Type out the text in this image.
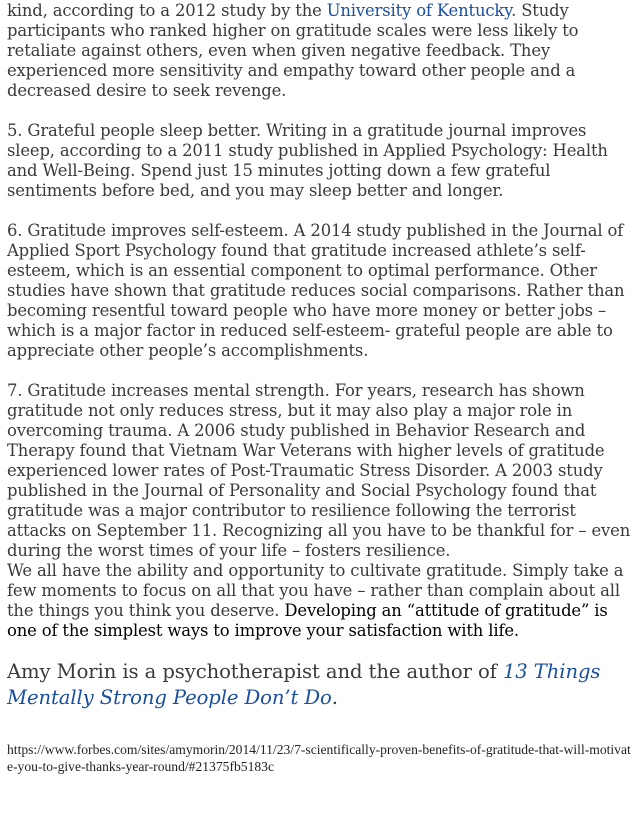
kind, according to a 2012 study by the University of Kentucky. Study participants who ranked higher on gratitude scales were less likely to retaliate against others, even when given negative feedback. They experienced more sensitivity and empathy toward other people and a decreased desire to seek revenge.

5. Grateful people sleep better. Writing in a gratitude journal improves sleep, according to a 2011 study published in Applied Psychology: Health and Well-Being. Spend just 15 minutes jotting down a few grateful sentiments before bed, and you may sleep better and longer.

6. Gratitude improves self-esteem. A 2014 study published in the Journal of Applied Sport Psychology found that gratitude increased athlete’s self-esteem, which is an essential component to optimal performance. Other studies have shown that gratitude reduces social comparisons. Rather than becoming resentful toward people who have more money or better jobs – which is a major factor in reduced self-esteem- grateful people are able to appreciate other people’s accomplishments.

7. Gratitude increases mental strength. For years, research has shown gratitude not only reduces stress, but it may also play a major role in overcoming trauma. A 2006 study published in Behavior Research and Therapy found that Vietnam War Veterans with higher levels of gratitude experienced lower rates of Post-Traumatic Stress Disorder. A 2003 study published in the Journal of Personality and Social Psychology found that gratitude was a major contributor to resilience following the terrorist attacks on September 11. Recognizing all you have to be thankful for – even during the worst times of your life – fosters resilience.

We all have the ability and opportunity to cultivate gratitude. Simply take a few moments to focus on all that you have – rather than complain about all the things you think you deserve. Developing an “attitude of gratitude” is one of the simplest ways to improve your satisfaction with life.

Amy Morin is a psychotherapist and the author of 13 Things Mentally Strong People Don’t Do.

https://www.forbes.com/sites/amymorin/2014/11/23/7-scientifically-proven-benefits-of-gratitude-that-will-motivate-you-to-give-thanks-year-round/#21375fb5183c
